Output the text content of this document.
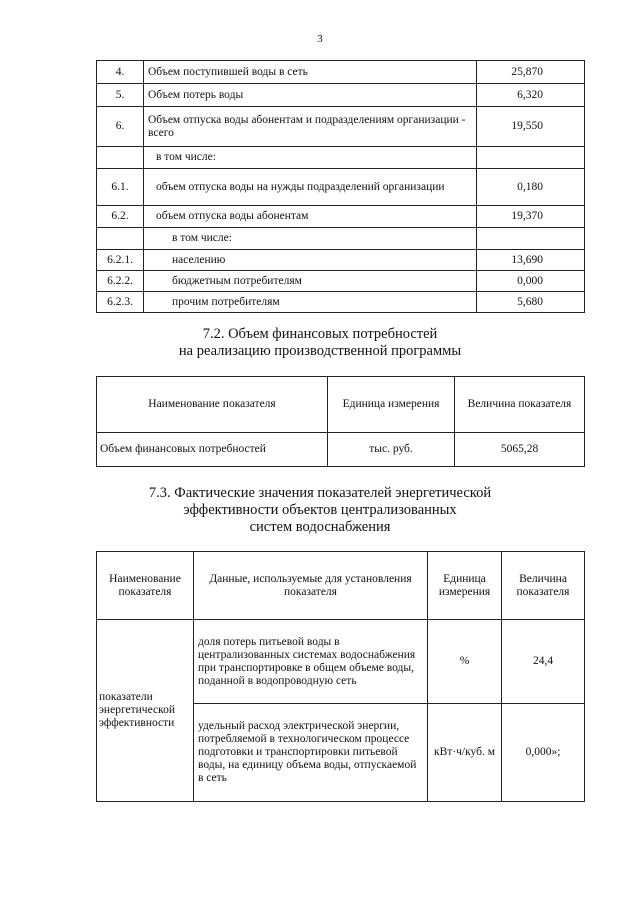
3
4.	Объем поступившей воды в сеть	25,870
5.	Объем потерь воды	6,320
6.	Объем отпуска воды абонентам и подразделениям организации - всего	19,550
	в том числе:	
6.1.	объем отпуска воды на нужды подразделений организации	0,180
6.2.	объем отпуска воды абонентам	19,370
	в том числе:	
6.2.1.	населению	13,690
6.2.2.	бюджетным потребителям	0,000
6.2.3.	прочим потребителям	5,680
7.2. Объем финансовых потребностей
на реализацию производственной программы
Наименование показателя	Единица измерения	Величина показателя
Объем финансовых потребностей	тыс. руб.	5065,28
7.3. Фактические значения показателей энергетической
эффективности объектов централизованных
систем водоснабжения
Наименование показателя	Данные, используемые для установления показателя	Единица измерения	Величина показателя
показатели энергетической эффективности	доля потерь питьевой воды в централизованных системах водоснабжения при транспортировке в общем объеме воды, поданной в водопроводную сеть	%	24,4
	удельный расход электрической энергии, потребляемой в технологическом процессе подготовки и транспортировки питьевой воды, на единицу объема воды, отпускаемой в сеть	кВт·ч/куб. м	0,000»;
